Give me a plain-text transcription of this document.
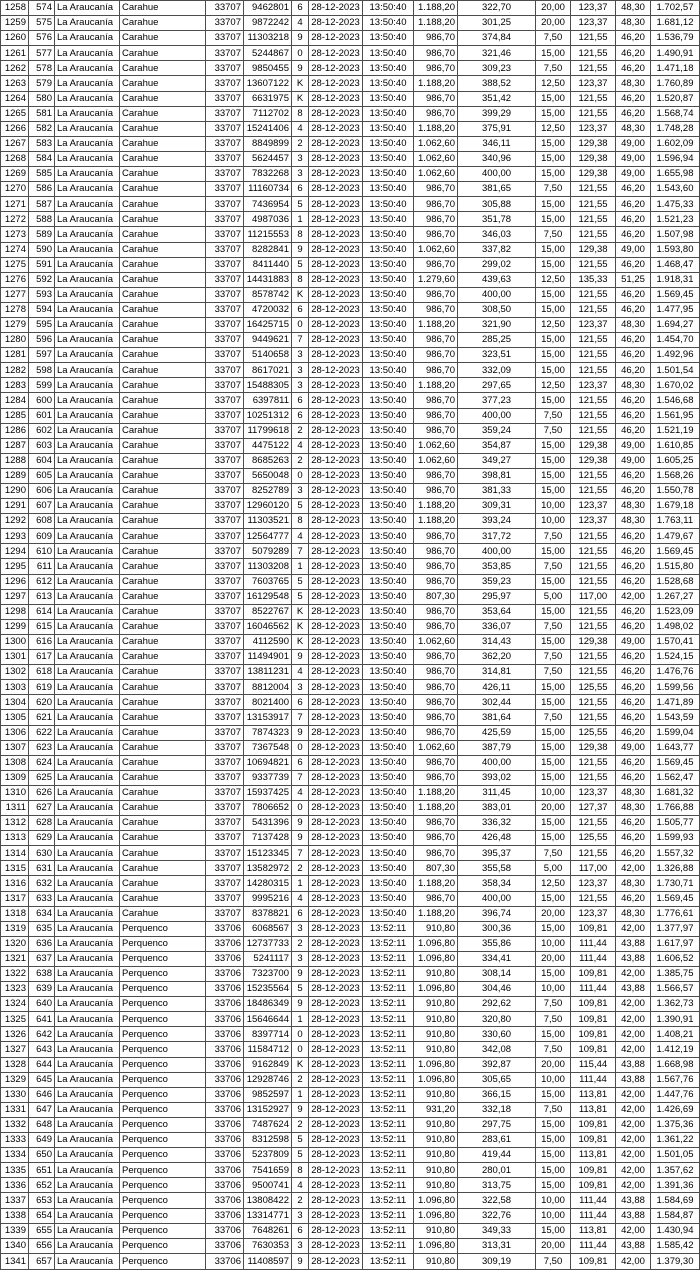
1258	574	La Araucanía	Carahue	33707	9462801	6	28-12-2023	13:50:40	1.188,20	322,70	20,00	123,37	48,30	1.702,57
1259	575	La Araucanía	Carahue	33707	9872242	4	28-12-2023	13:50:40	1.188,20	301,25	20,00	123,37	48,30	1.681,12
1260	576	La Araucanía	Carahue	33707	11303218	9	28-12-2023	13:50:40	986,70	374,84	7,50	121,55	46,20	1.536,79
1261	577	La Araucanía	Carahue	33707	5244867	0	28-12-2023	13:50:40	986,70	321,46	15,00	121,55	46,20	1.490,91
1262	578	La Araucanía	Carahue	33707	9850455	9	28-12-2023	13:50:40	986,70	309,23	7,50	121,55	46,20	1.471,18
1263	579	La Araucanía	Carahue	33707	13607122	K	28-12-2023	13:50:40	1.188,20	388,52	12,50	123,37	48,30	1.760,89
1264	580	La Araucanía	Carahue	33707	6631975	K	28-12-2023	13:50:40	986,70	351,42	15,00	121,55	46,20	1.520,87
1265	581	La Araucanía	Carahue	33707	7112702	8	28-12-2023	13:50:40	986,70	399,29	15,00	121,55	46,20	1.568,74
1266	582	La Araucanía	Carahue	33707	15241406	4	28-12-2023	13:50:40	1.188,20	375,91	12,50	123,37	48,30	1.748,28
1267	583	La Araucanía	Carahue	33707	8849899	2	28-12-2023	13:50:40	1.062,60	346,11	15,00	129,38	49,00	1.602,09
1268	584	La Araucanía	Carahue	33707	5624457	3	28-12-2023	13:50:40	1.062,60	340,96	15,00	129,38	49,00	1.596,94
1269	585	La Araucanía	Carahue	33707	7832268	3	28-12-2023	13:50:40	1.062,60	400,00	15,00	129,38	49,00	1.655,98
1270	586	La Araucanía	Carahue	33707	11160734	6	28-12-2023	13:50:40	986,70	381,65	7,50	121,55	46,20	1.543,60
1271	587	La Araucanía	Carahue	33707	7436954	5	28-12-2023	13:50:40	986,70	305,88	15,00	121,55	46,20	1.475,33
1272	588	La Araucanía	Carahue	33707	4987036	1	28-12-2023	13:50:40	986,70	351,78	15,00	121,55	46,20	1.521,23
1273	589	La Araucanía	Carahue	33707	11215553	8	28-12-2023	13:50:40	986,70	346,03	7,50	121,55	46,20	1.507,98
1274	590	La Araucanía	Carahue	33707	8282841	9	28-12-2023	13:50:40	1.062,60	337,82	15,00	129,38	49,00	1.593,80
1275	591	La Araucanía	Carahue	33707	8411440	5	28-12-2023	13:50:40	986,70	299,02	15,00	121,55	46,20	1.468,47
1276	592	La Araucanía	Carahue	33707	14431883	8	28-12-2023	13:50:40	1.279,60	439,63	12,50	135,33	51,25	1.918,31
1277	593	La Araucanía	Carahue	33707	8578742	K	28-12-2023	13:50:40	986,70	400,00	15,00	121,55	46,20	1.569,45
1278	594	La Araucanía	Carahue	33707	4720032	6	28-12-2023	13:50:40	986,70	308,50	15,00	121,55	46,20	1.477,95
1279	595	La Araucanía	Carahue	33707	16425715	0	28-12-2023	13:50:40	1.188,20	321,90	12,50	123,37	48,30	1.694,27
1280	596	La Araucanía	Carahue	33707	9449621	7	28-12-2023	13:50:40	986,70	285,25	15,00	121,55	46,20	1.454,70
1281	597	La Araucanía	Carahue	33707	5140658	3	28-12-2023	13:50:40	986,70	323,51	15,00	121,55	46,20	1.492,96
1282	598	La Araucanía	Carahue	33707	8617021	3	28-12-2023	13:50:40	986,70	332,09	15,00	121,55	46,20	1.501,54
1283	599	La Araucanía	Carahue	33707	15488305	3	28-12-2023	13:50:40	1.188,20	297,65	12,50	123,37	48,30	1.670,02
1284	600	La Araucanía	Carahue	33707	6397811	6	28-12-2023	13:50:40	986,70	377,23	15,00	121,55	46,20	1.546,68
1285	601	La Araucanía	Carahue	33707	10251312	6	28-12-2023	13:50:40	986,70	400,00	7,50	121,55	46,20	1.561,95
1286	602	La Araucanía	Carahue	33707	11799618	2	28-12-2023	13:50:40	986,70	359,24	7,50	121,55	46,20	1.521,19
1287	603	La Araucanía	Carahue	33707	4475122	4	28-12-2023	13:50:40	1.062,60	354,87	15,00	129,38	49,00	1.610,85
1288	604	La Araucanía	Carahue	33707	8685263	2	28-12-2023	13:50:40	1.062,60	349,27	15,00	129,38	49,00	1.605,25
1289	605	La Araucanía	Carahue	33707	5650048	0	28-12-2023	13:50:40	986,70	398,81	15,00	121,55	46,20	1.568,26
1290	606	La Araucanía	Carahue	33707	8252789	3	28-12-2023	13:50:40	986,70	381,33	15,00	121,55	46,20	1.550,78
1291	607	La Araucanía	Carahue	33707	12960120	5	28-12-2023	13:50:40	1.188,20	309,31	10,00	123,37	48,30	1.679,18
1292	608	La Araucanía	Carahue	33707	11303521	8	28-12-2023	13:50:40	1.188,20	393,24	10,00	123,37	48,30	1.763,11
1293	609	La Araucanía	Carahue	33707	12564777	4	28-12-2023	13:50:40	986,70	317,72	7,50	121,55	46,20	1.479,67
1294	610	La Araucanía	Carahue	33707	5079289	7	28-12-2023	13:50:40	986,70	400,00	15,00	121,55	46,20	1.569,45
1295	611	La Araucanía	Carahue	33707	11303208	1	28-12-2023	13:50:40	986,70	353,85	7,50	121,55	46,20	1.515,80
1296	612	La Araucanía	Carahue	33707	7603765	5	28-12-2023	13:50:40	986,70	359,23	15,00	121,55	46,20	1.528,68
1297	613	La Araucanía	Carahue	33707	16129548	5	28-12-2023	13:50:40	807,30	295,97	5,00	117,00	42,00	1.267,27
1298	614	La Araucanía	Carahue	33707	8522767	K	28-12-2023	13:50:40	986,70	353,64	15,00	121,55	46,20	1.523,09
1299	615	La Araucanía	Carahue	33707	16046562	K	28-12-2023	13:50:40	986,70	336,07	7,50	121,55	46,20	1.498,02
1300	616	La Araucanía	Carahue	33707	4112590	K	28-12-2023	13:50:40	1.062,60	314,43	15,00	129,38	49,00	1.570,41
1301	617	La Araucanía	Carahue	33707	11494901	9	28-12-2023	13:50:40	986,70	362,20	7,50	121,55	46,20	1.524,15
1302	618	La Araucanía	Carahue	33707	13811231	4	28-12-2023	13:50:40	986,70	314,81	7,50	121,55	46,20	1.476,76
1303	619	La Araucanía	Carahue	33707	8812004	3	28-12-2023	13:50:40	986,70	426,11	15,00	125,55	46,20	1.599,56
1304	620	La Araucanía	Carahue	33707	8021400	6	28-12-2023	13:50:40	986,70	302,44	15,00	121,55	46,20	1.471,89
1305	621	La Araucanía	Carahue	33707	13153917	7	28-12-2023	13:50:40	986,70	381,64	7,50	121,55	46,20	1.543,59
1306	622	La Araucanía	Carahue	33707	7874323	9	28-12-2023	13:50:40	986,70	425,59	15,00	125,55	46,20	1.599,04
1307	623	La Araucanía	Carahue	33707	7367548	0	28-12-2023	13:50:40	1.062,60	387,79	15,00	129,38	49,00	1.643,77
1308	624	La Araucanía	Carahue	33707	10694821	6	28-12-2023	13:50:40	986,70	400,00	15,00	121,55	46,20	1.569,45
1309	625	La Araucanía	Carahue	33707	9337739	7	28-12-2023	13:50:40	986,70	393,02	15,00	121,55	46,20	1.562,47
1310	626	La Araucanía	Carahue	33707	15937425	4	28-12-2023	13:50:40	1.188,20	311,45	10,00	123,37	48,30	1.681,32
1311	627	La Araucanía	Carahue	33707	7806652	0	28-12-2023	13:50:40	1.188,20	383,01	20,00	127,37	48,30	1.766,88
1312	628	La Araucanía	Carahue	33707	5431396	9	28-12-2023	13:50:40	986,70	336,32	15,00	121,55	46,20	1.505,77
1313	629	La Araucanía	Carahue	33707	7137428	9	28-12-2023	13:50:40	986,70	426,48	15,00	125,55	46,20	1.599,93
1314	630	La Araucanía	Carahue	33707	15123345	7	28-12-2023	13:50:40	986,70	395,37	7,50	121,55	46,20	1.557,32
1315	631	La Araucanía	Carahue	33707	13582972	2	28-12-2023	13:50:40	807,30	355,58	5,00	117,00	42,00	1.326,88
1316	632	La Araucanía	Carahue	33707	14280315	1	28-12-2023	13:50:40	1.188,20	358,34	12,50	123,37	48,30	1.730,71
1317	633	La Araucanía	Carahue	33707	9995216	4	28-12-2023	13:50:40	986,70	400,00	15,00	121,55	46,20	1.569,45
1318	634	La Araucanía	Carahue	33707	8378821	6	28-12-2023	13:50:40	1.188,20	396,74	20,00	123,37	48,30	1.776,61
1319	635	La Araucanía	Perquenco	33706	6068567	3	28-12-2023	13:52:11	910,80	300,36	15,00	109,81	42,00	1.377,97
1320	636	La Araucanía	Perquenco	33706	12737733	2	28-12-2023	13:52:11	1.096,80	355,86	10,00	111,44	43,88	1.617,97
1321	637	La Araucanía	Perquenco	33706	5241117	3	28-12-2023	13:52:11	1.096,80	334,41	20,00	111,44	43,88	1.606,52
1322	638	La Araucanía	Perquenco	33706	7323700	9	28-12-2023	13:52:11	910,80	308,14	15,00	109,81	42,00	1.385,75
1323	639	La Araucanía	Perquenco	33706	15235564	5	28-12-2023	13:52:11	1.096,80	304,46	10,00	111,44	43,88	1.566,57
1324	640	La Araucanía	Perquenco	33706	18486349	9	28-12-2023	13:52:11	910,80	292,62	7,50	109,81	42,00	1.362,73
1325	641	La Araucanía	Perquenco	33706	15646644	1	28-12-2023	13:52:11	910,80	320,80	7,50	109,81	42,00	1.390,91
1326	642	La Araucanía	Perquenco	33706	8397714	0	28-12-2023	13:52:11	910,80	330,60	15,00	109,81	42,00	1.408,21
1327	643	La Araucanía	Perquenco	33706	11584712	0	28-12-2023	13:52:11	910,80	342,08	7,50	109,81	42,00	1.412,19
1328	644	La Araucanía	Perquenco	33706	9162849	K	28-12-2023	13:52:11	1.096,80	392,87	20,00	115,44	43,88	1.668,98
1329	645	La Araucanía	Perquenco	33706	12928746	2	28-12-2023	13:52:11	1.096,80	305,65	10,00	111,44	43,88	1.567,76
1330	646	La Araucanía	Perquenco	33706	9852597	1	28-12-2023	13:52:11	910,80	366,15	15,00	113,81	42,00	1.447,76
1331	647	La Araucanía	Perquenco	33706	13152927	9	28-12-2023	13:52:11	931,20	332,18	7,50	113,81	42,00	1.426,69
1332	648	La Araucanía	Perquenco	33706	7487624	2	28-12-2023	13:52:11	910,80	297,75	15,00	109,81	42,00	1.375,36
1333	649	La Araucanía	Perquenco	33706	8312598	5	28-12-2023	13:52:11	910,80	283,61	15,00	109,81	42,00	1.361,22
1334	650	La Araucanía	Perquenco	33706	5237809	5	28-12-2023	13:52:11	910,80	419,44	15,00	113,81	42,00	1.501,05
1335	651	La Araucanía	Perquenco	33706	7541659	8	28-12-2023	13:52:11	910,80	280,01	15,00	109,81	42,00	1.357,62
1336	652	La Araucanía	Perquenco	33706	9500741	4	28-12-2023	13:52:11	910,80	313,75	15,00	109,81	42,00	1.391,36
1337	653	La Araucanía	Perquenco	33706	13808422	2	28-12-2023	13:52:11	1.096,80	322,58	10,00	111,44	43,88	1.584,69
1338	654	La Araucanía	Perquenco	33706	13314771	3	28-12-2023	13:52:11	1.096,80	322,76	10,00	111,44	43,88	1.584,87
1339	655	La Araucanía	Perquenco	33706	7648261	6	28-12-2023	13:52:11	910,80	349,33	15,00	113,81	42,00	1.430,94
1340	656	La Araucanía	Perquenco	33706	7630353	3	28-12-2023	13:52:11	1.096,80	313,31	20,00	111,44	43,88	1.585,42
1341	657	La Araucanía	Perquenco	33706	11408597	9	28-12-2023	13:52:11	910,80	309,19	7,50	109,81	42,00	1.379,30
